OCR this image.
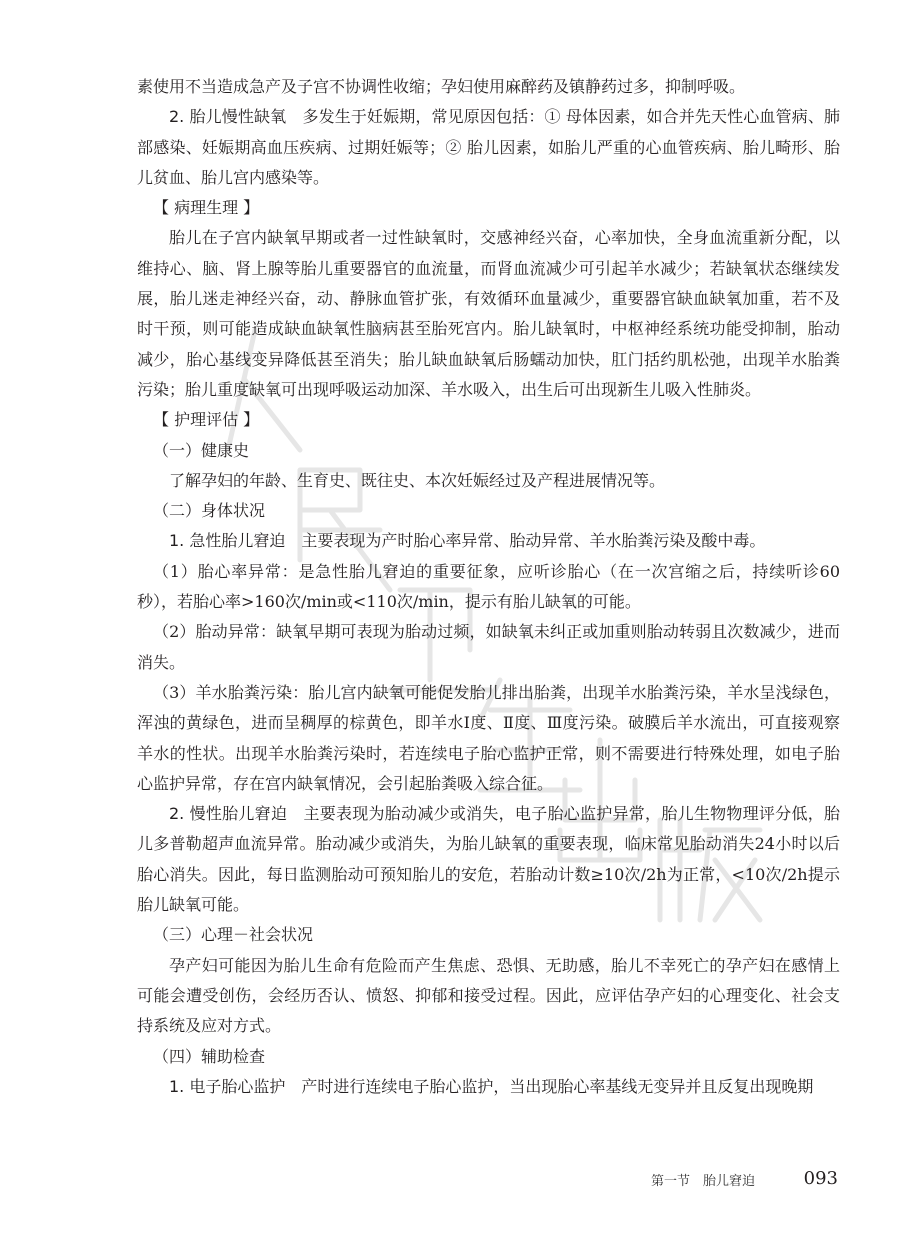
素使用不当造成急产及子宫不协调性收缩；孕妇使用麻醉药及镇静药过多，抑制呼吸。

2. 胎儿慢性缺氧　 多发生于妊娠期，常见原因包括：① 母体因素，如合并先天性心血管病、肺部感染、妊娠期高血压疾病、过期妊娠等；② 胎儿因素，如胎儿严重的心血管疾病、胎儿畸形、胎儿贫血、胎儿宫内感染等。

【 病理生理 】

胎儿在子宫内缺氧早期或者一过性缺氧时，交感神经兴奋，心率加快，全身血流重新分配，以维持心、脑、肾上腺等胎儿重要器官的血流量，而肾血流减少可引起羊水减少；若缺氧状态继续发展，胎儿迷走神经兴奋，动、静脉血管扩张，有效循环血量减少，重要器官缺血缺氧加重，若不及时干预，则可能造成缺血缺氧性脑病甚至胎死宫内。胎儿缺氧时，中枢神经系统功能受抑制，胎动减少，胎心基线变异降低甚至消失；胎儿缺血缺氧后肠蠕动加快，肛门括约肌松弛，出现羊水胎粪污染；胎儿重度缺氧可出现呼吸运动加深、羊水吸入，出生后可出现新生儿吸入性肺炎。

【 护理评估 】

（一）健康史

了解孕妇的年龄、生育史、既往史、本次妊娠经过及产程进展情况等。

（二）身体状况

1. 急性胎儿窘迫　 主要表现为产时胎心率异常、胎动异常、羊水胎粪污染及酸中毒。

（1）胎心率异常：是急性胎儿窘迫的重要征象，应听诊胎心（在一次宫缩之后，持续听诊60秒），若胎心率>160次/min或<110次/min，提示有胎儿缺氧的可能。

（2）胎动异常：缺氧早期可表现为胎动过频，如缺氧未纠正或加重则胎动转弱且次数减少，进而消失。

（3）羊水胎粪污染：胎儿宫内缺氧可能促发胎儿排出胎粪，出现羊水胎粪污染，羊水呈浅绿色，浑浊的黄绿色，进而呈稠厚的棕黄色，即羊水Ⅰ度、Ⅱ度、Ⅲ度污染。破膜后羊水流出，可直接观察羊水的性状。出现羊水胎粪污染时，若连续电子胎心监护正常，则不需要进行特殊处理，如电子胎心监护异常，存在宫内缺氧情况，会引起胎粪吸入综合征。

2. 慢性胎儿窘迫　 主要表现为胎动减少或消失，电子胎心监护异常，胎儿生物物理评分低，胎儿多普勒超声血流异常。胎动减少或消失，为胎儿缺氧的重要表现，临床常见胎动消失24小时以后胎心消失。因此，每日监测胎动可预知胎儿的安危，若胎动计数≥10次/2h为正常，<10次/2h提示胎儿缺氧可能。

（三）心理－社会状况

孕产妇可能因为胎儿生命有危险而产生焦虑、恐惧、无助感，胎儿不幸死亡的孕产妇在感情上可能会遭受创伤，会经历否认、愤怒、抑郁和接受过程。因此，应评估孕产妇的心理变化、社会支持系统及应对方式。

（四）辅助检查

1. 电子胎心监护　 产时进行连续电子胎心监护，当出现胎心率基线无变异并且反复出现晚期

第一节　胎儿窘迫	093
